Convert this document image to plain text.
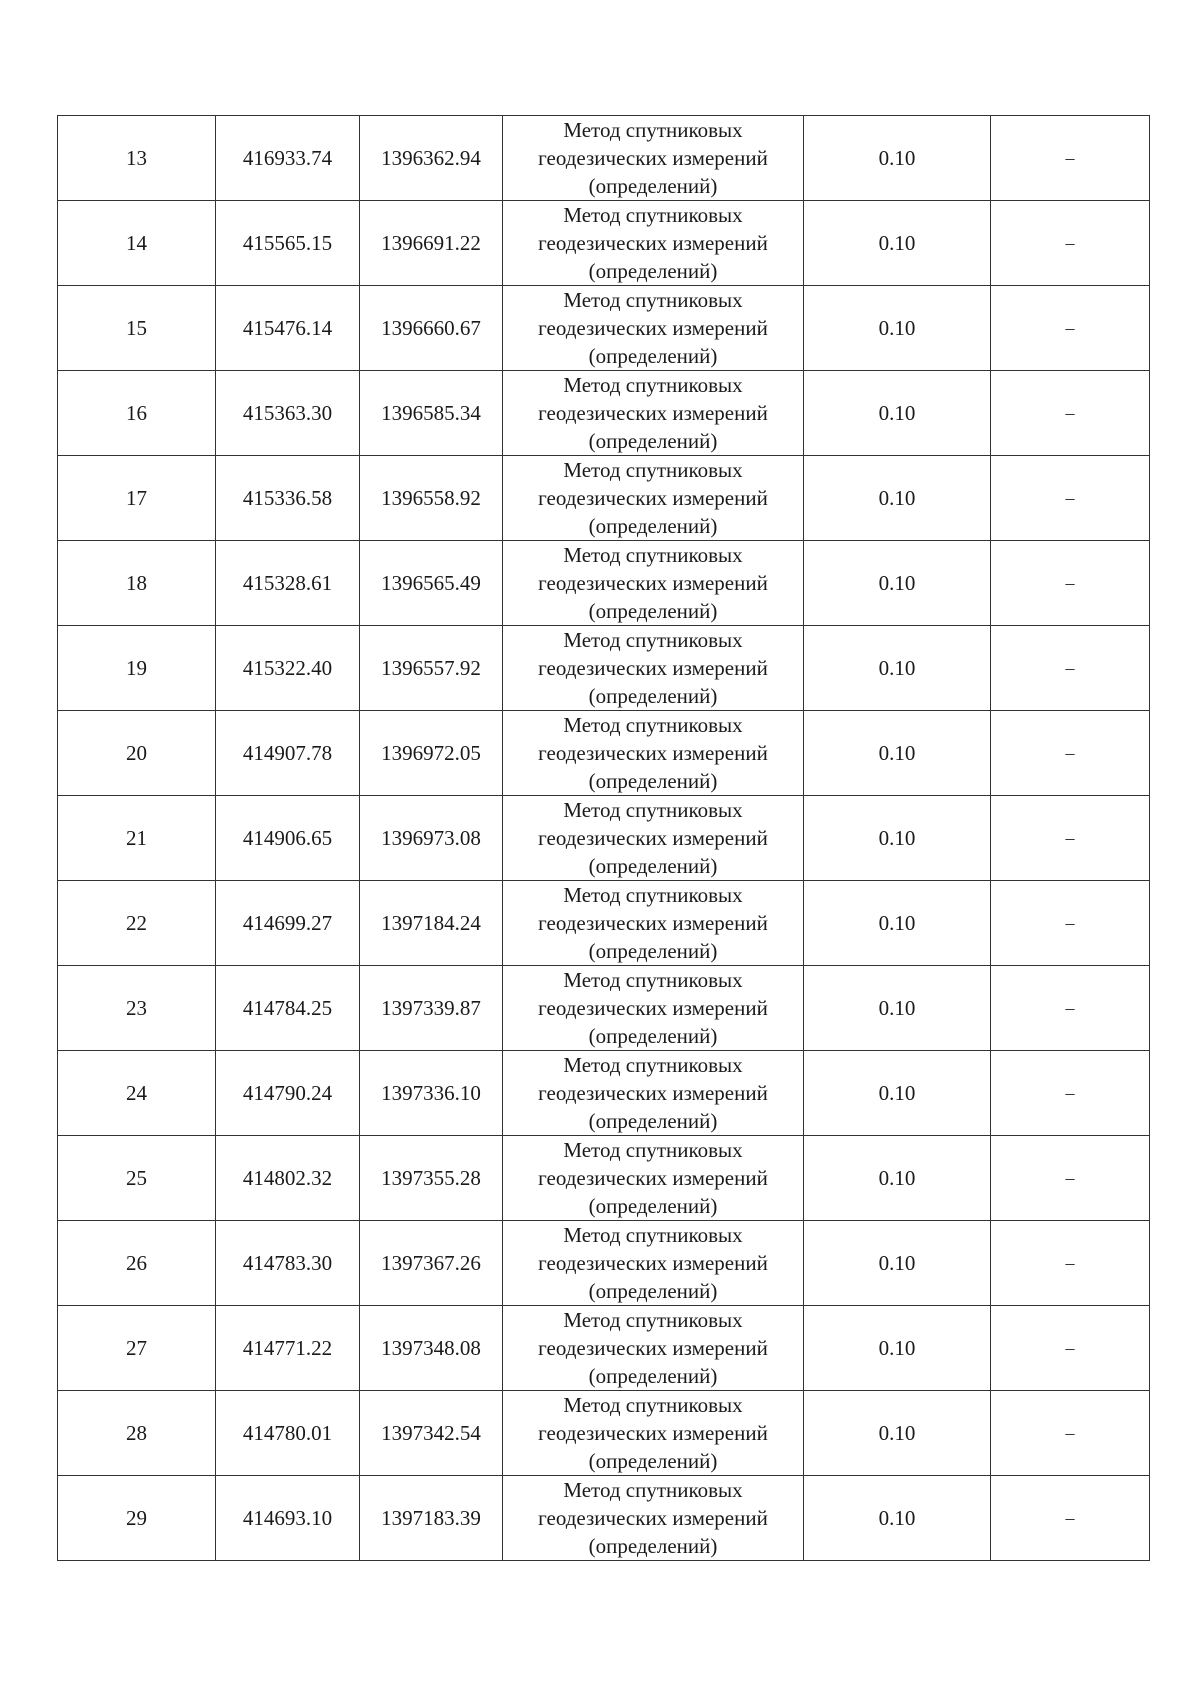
13	416933.74	1396362.94	Метод спутниковых
геодезических измерений
(определений)	0.10	–
14	415565.15	1396691.22	Метод спутниковых
геодезических измерений
(определений)	0.10	–
15	415476.14	1396660.67	Метод спутниковых
геодезических измерений
(определений)	0.10	–
16	415363.30	1396585.34	Метод спутниковых
геодезических измерений
(определений)	0.10	–
17	415336.58	1396558.92	Метод спутниковых
геодезических измерений
(определений)	0.10	–
18	415328.61	1396565.49	Метод спутниковых
геодезических измерений
(определений)	0.10	–
19	415322.40	1396557.92	Метод спутниковых
геодезических измерений
(определений)	0.10	–
20	414907.78	1396972.05	Метод спутниковых
геодезических измерений
(определений)	0.10	–
21	414906.65	1396973.08	Метод спутниковых
геодезических измерений
(определений)	0.10	–
22	414699.27	1397184.24	Метод спутниковых
геодезических измерений
(определений)	0.10	–
23	414784.25	1397339.87	Метод спутниковых
геодезических измерений
(определений)	0.10	–
24	414790.24	1397336.10	Метод спутниковых
геодезических измерений
(определений)	0.10	–
25	414802.32	1397355.28	Метод спутниковых
геодезических измерений
(определений)	0.10	–
26	414783.30	1397367.26	Метод спутниковых
геодезических измерений
(определений)	0.10	–
27	414771.22	1397348.08	Метод спутниковых
геодезических измерений
(определений)	0.10	–
28	414780.01	1397342.54	Метод спутниковых
геодезических измерений
(определений)	0.10	–
29	414693.10	1397183.39	Метод спутниковых
геодезических измерений
(определений)	0.10	–
